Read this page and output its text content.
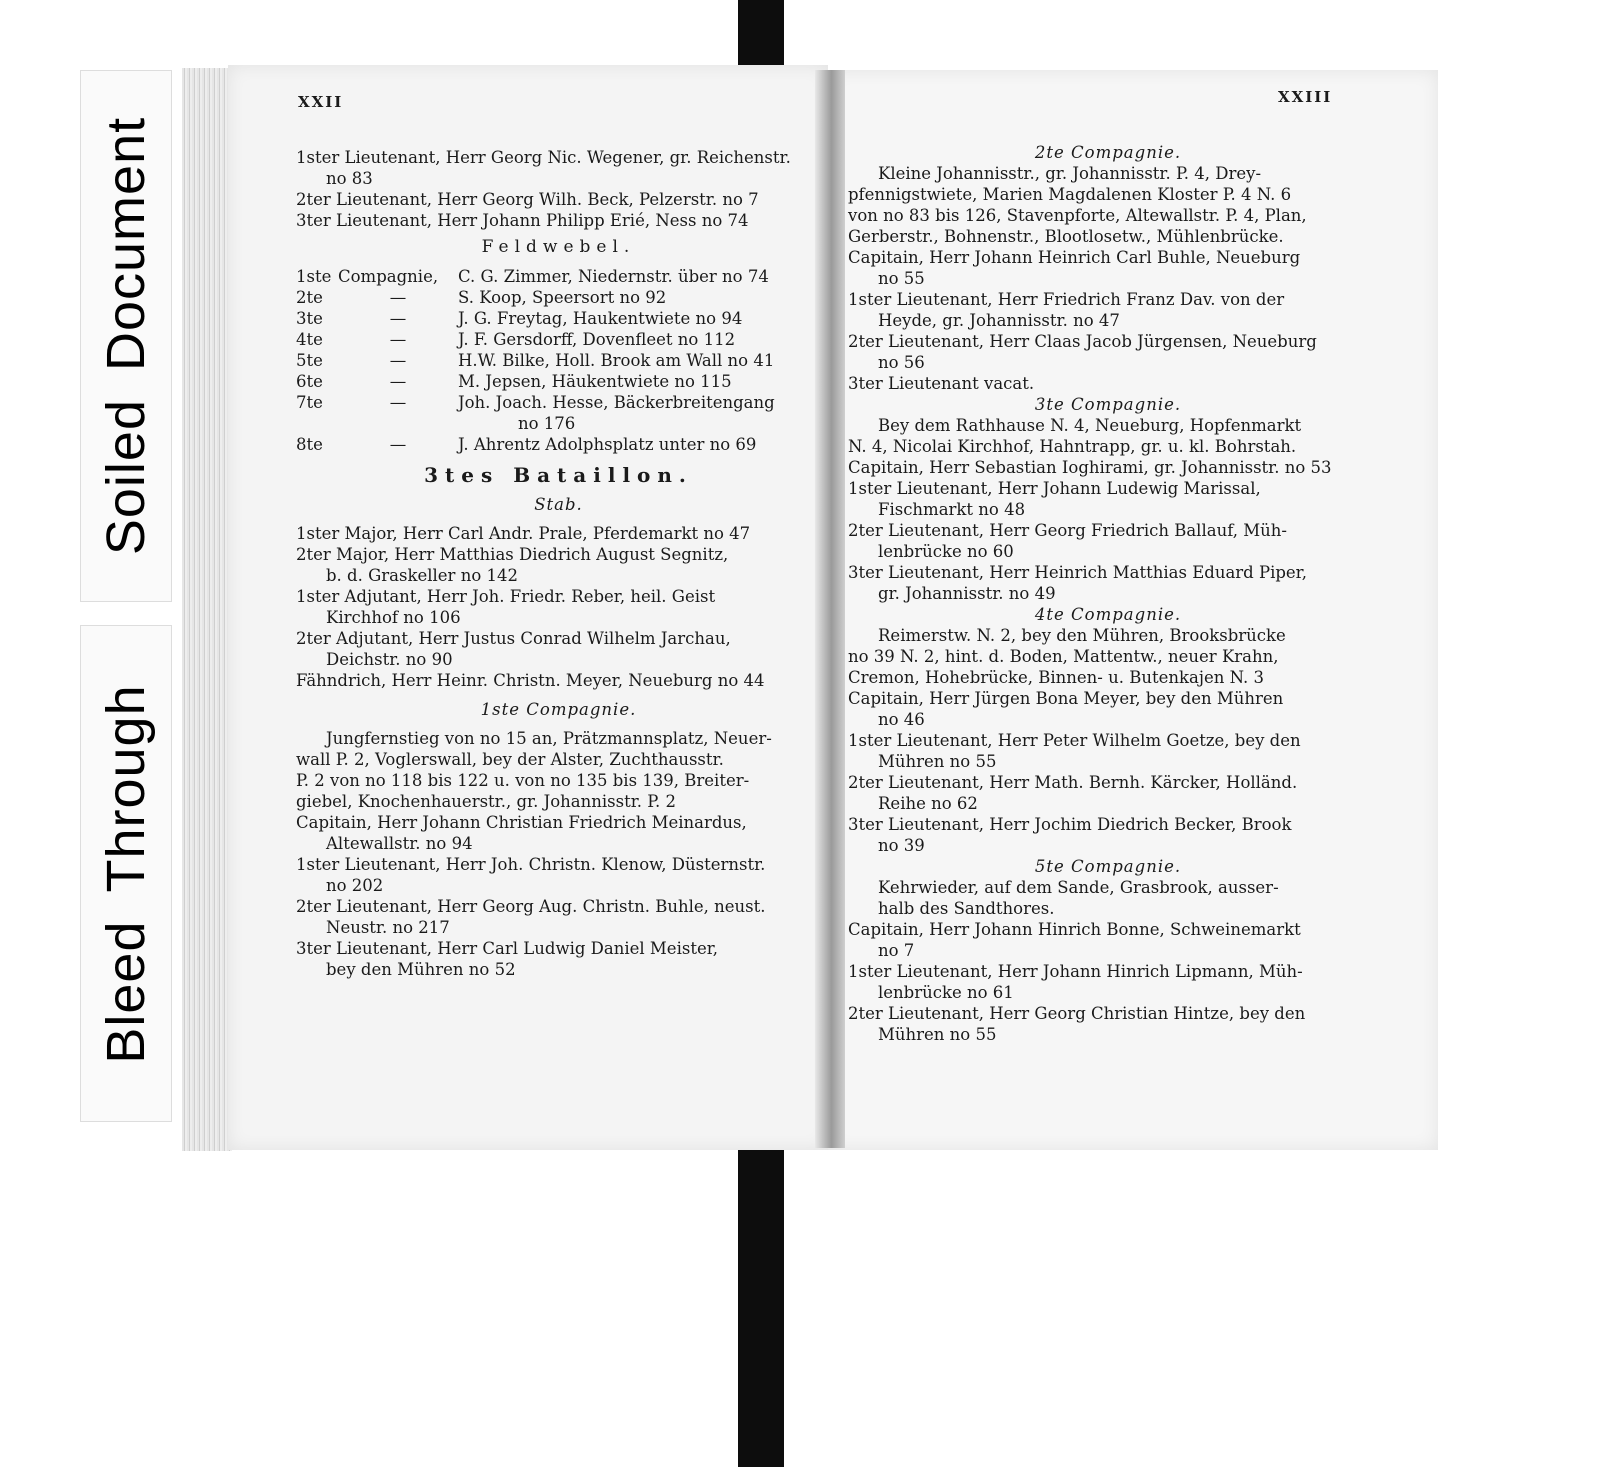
SoiledDocument
BleedThrough
XXII
1ster Lieutenant, Herr Georg Nic. Wegener, gr. Reichenstr.
no 83
2ter Lieutenant, Herr Georg Wilh. Beck, Pelzerstr. no 7
3ter Lieutenant, Herr Johann Philipp Erié, Ness no 74
Feldwebel.
1ste Compagnie,	C. G. Zimmer, Niedernstr. über no 74
2te	—	S. Koop, Speersort no 92
3te	—	J. G. Freytag, Haukentwiete no 94
4te	—	J. F. Gersdorff, Dovenfleet no 112
5te	—	H.W. Bilke, Holl. Brook am Wall no 41
6te	—	M. Jepsen, Häukentwiete no 115
7te	—	Joh. Joach. Hesse, Bäckerbreitengang
no 176
8te	—	J. Ahrentz Adolphsplatz unter no 69
3tes Bataillon.
Stab.
1ster Major, Herr Carl Andr. Prale, Pferdemarkt no 47
2ter Major, Herr Matthias Diedrich August Segnitz,
b. d. Graskeller no 142
1ster Adjutant, Herr Joh. Friedr. Reber, heil. Geist
Kirchhof no 106
2ter Adjutant, Herr Justus Conrad Wilhelm Jarchau,
Deichstr. no 90
Fähndrich, Herr Heinr. Christn. Meyer, Neueburg no 44
1ste Compagnie.
Jungfernstieg von no 15 an, Prätzmannsplatz, Neuer-
wall P. 2, Voglerswall, bey der Alster, Zuchthausstr.
P. 2 von no 118 bis 122 u. von no 135 bis 139, Breiter-
giebel, Knochenhauerstr., gr. Johannisstr. P. 2
Capitain, Herr Johann Christian Friedrich Meinardus,
Altewallstr. no 94
1ster Lieutenant, Herr Joh. Christn. Klenow, Düsternstr.
no 202
2ter Lieutenant, Herr Georg Aug. Christn. Buhle, neust.
Neustr. no 217
3ter Lieutenant, Herr Carl Ludwig Daniel Meister,
bey den Mühren no 52
XXIII
2te Compagnie.
Kleine Johannisstr., gr. Johannisstr. P. 4, Drey-
pfennigstwiete, Marien Magdalenen Kloster P. 4 N. 6
von no 83 bis 126, Stavenpforte, Altewallstr. P. 4, Plan,
Gerberstr., Bohnenstr., Blootlosetw., Mühlenbrücke.
Capitain, Herr Johann Heinrich Carl Buhle, Neueburg
no 55
1ster Lieutenant, Herr Friedrich Franz Dav. von der
Heyde, gr. Johannisstr. no 47
2ter Lieutenant, Herr Claas Jacob Jürgensen, Neueburg
no 56
3ter Lieutenant vacat.
3te Compagnie.
Bey dem Rathhause N. 4, Neueburg, Hopfenmarkt
N. 4, Nicolai Kirchhof, Hahntrapp, gr. u. kl. Bohrstah.
Capitain, Herr Sebastian Ioghirami, gr. Johannisstr. no 53
1ster Lieutenant, Herr Johann Ludewig Marissal,
Fischmarkt no 48
2ter Lieutenant, Herr Georg Friedrich Ballauf, Müh-
lenbrücke no 60
3ter Lieutenant, Herr Heinrich Matthias Eduard Piper,
gr. Johannisstr. no 49
4te Compagnie.
Reimerstw. N. 2, bey den Mühren, Brooksbrücke
no 39 N. 2, hint. d. Boden, Mattentw., neuer Krahn,
Cremon, Hohebrücke, Binnen- u. Butenkajen N. 3
Capitain, Herr Jürgen Bona Meyer, bey den Mühren
no 46
1ster Lieutenant, Herr Peter Wilhelm Goetze, bey den
Mühren no 55
2ter Lieutenant, Herr Math. Bernh. Kärcker, Holländ.
Reihe no 62
3ter Lieutenant, Herr Jochim Diedrich Becker, Brook
no 39
5te Compagnie.
Kehrwieder, auf dem Sande, Grasbrook, ausser-
halb des Sandthores.
Capitain, Herr Johann Hinrich Bonne, Schweinemarkt
no 7
1ster Lieutenant, Herr Johann Hinrich Lipmann, Müh-
lenbrücke no 61
2ter Lieutenant, Herr Georg Christian Hintze, bey den
Mühren no 55
